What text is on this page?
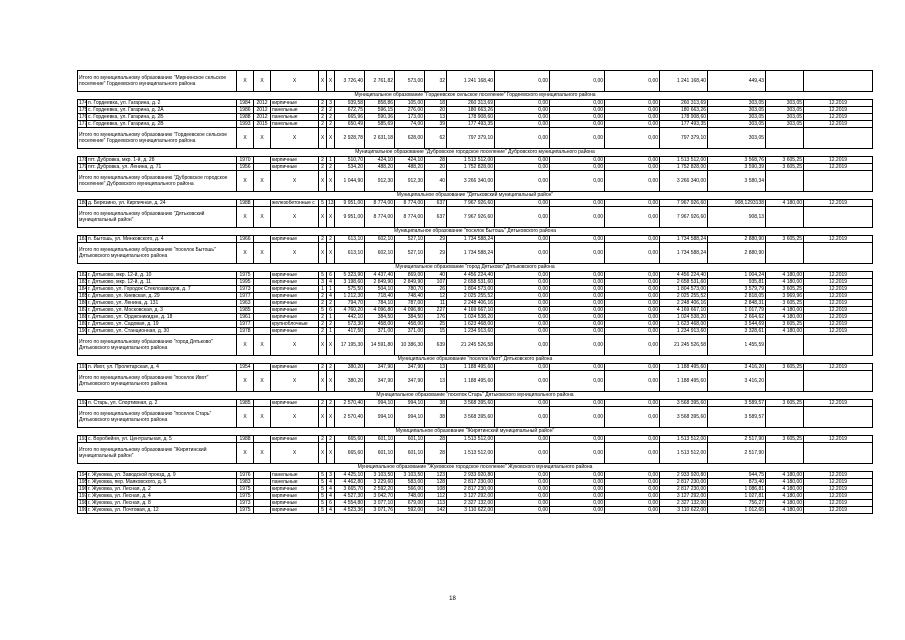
Итого по муниципальному образованию "Мирнинское сельское поселение" Гордеевского муниципального района		X	X	X	X	X	3 726,40	2 761,82	573,00	32	1 241 168,40	0,00	0,00	0,00	1 241 168,40	449,43		
Муниципальное образование "Гордеевское сельское поселение" Гордеевского муниципального района																		
174	п. Гордеевка, ул. Гагарина, д. 2	1984	2012	кирпичные	2	3	939,58	858,86	105,00	18	260 313,69	0,00	0,00	0,00	260 313,69	303,05	303,05	12.2019
175	с. Гордеевка, ул. Гагарина, д. 2А	1986	2012	панельные	2	2	672,75	596,15	276,00	20	180 663,26	0,00	0,00	0,00	180 663,26	303,05	303,05	12.2019
176	с. Гордеевка, ул. Гагарина, д. 2Б	1988	2012	панельные	2	2	665,96	590,36	173,00	13	178 908,60	0,00	0,00	0,00	178 908,60	303,05	303,05	12.2019
177	с. Гордеевка, ул. Гагарина, д. 2В	1993	2015	панельные	2	2	650,49	585,69	74,00	39	177 493,35	0,00	0,00	0,00	177 493,35	303,05	303,05	12.2019
Итого по муниципальному образованию "Гордеевское сельское поселение" Гордеевского муниципального района		X	X	X	X	X	2 928,78	2 631,18	628,00	62	797 379,10	0,00	0,00	0,00	797 379,10	303,05		
Муниципальное образование "Дубровское городское поселение" Дубровского муниципального района																		
178	пгт. Дубровка, мкр. 1-й, д. 28	1970		кирпичные	2	1	510,70	424,10	424,10	28	1 513 512,00	0,00	0,00	0,00	1 513 512,00	3 568,76	3 605,25	12.2019
179	пгт. Дубровка, ул. Ленина, д. 71	1956		кирпичные	2	2	534,20	488,20	488,20	20	1 752 828,00	0,00	0,00	0,00	1 752 828,00	3 590,39	3 605,25	12.2019
Итого по муниципальному образованию "Дубровское городское поселение" Дубровского муниципального района		X	X	X	X	X	1 044,90	912,30	912,30	40	3 266 340,00	0,00	0,00	0,00	3 266 340,00	3 580,34		
Муниципальное образование "Дятьковский муниципальный район"																		
180	д. Березино, ул. Кирпичная, д. 24	1988		железобетонные с	5	13	9 951,00	8 774,00	8 774,00	637	7 967 926,60	0,00	0,00	0,00	7 967 926,60	908,1293138	4 180,00	12.2019
Итого по муниципальному образованию "Дятьковский муниципальный район"		X	X	X	X	X	9 951,00	8 774,00	8 774,00	637	7 967 926,60	0,00	0,00	0,00	7 967 926,60	908,13		
Муниципальное образование "поселок Бытошь" Дятьковского района																		
181	п. Бытошь, ул. Минковского, д. 4	1966		кирпичные	2	2	613,10	602,10	527,10	29	1 734 588,24	0,00	0,00	0,00	1 734 588,24	2 880,90	3 605,25	12.2019
Итого по муниципальному образованию "поселок Бытошь" Дятьковского муниципального района		X	X	X	X	X	613,10	602,10	527,10	29	1 734 588,24	0,00	0,00	0,00	1 734 588,24	2 880,90		
Муниципальное образование "город Дятьково" Дятьковского района																		
182	г. Дятьково, мкр. 12-й, д. 10	1975		кирпичные	5	6	5 323,90	4 437,40	869,00	40	4 456 224,40	0,00	0,00	0,00	4 456 224,40	1 004,24	4 180,00	12.2019
183	г. Дятьково, мкр. 12-й, д. 11	1995		кирпичные	3	4	3 198,60	2 849,90	2 849,90	107	2 658 531,60	0,00	0,00	0,00	2 658 531,60	935,81	4 180,00	12.2019
184	г. Дятьково, ул. Городок Стеклозаводов, д. 7	1973		кирпичные	1	1	575,50	504,10	780,70	26	1 804 573,00	0,00	0,00	0,00	1 804 573,00	3 579,79	3 605,25	12.2019
185	г. Дятьково, ул. Киевская, д. 29	1977		кирпичные	2	4	1 212,30	718,40	748,40	12	2 025 255,52	0,00	0,00	0,00	2 025 255,52	2 818,05	3 969,96	12.2019
186	г. Дятьково, ул. Ленина, д. 131	1963		кирпичные	2	2	794,70	784,10	787,00	11	2 248 406,16	0,00	0,00	0,00	2 248 406,16	2 848,31	3 605,25	12.2019
187	г. Дятьково, ул. Московская, д. 3	1985		кирпичные	5	6	4 760,20	4 096,80	4 096,80	227	4 169 667,10	0,00	0,00	0,00	4 169 667,10	1 017,79	4 180,00	12.2019
188	г. Дятьково, ул. Орджоникидзе, д. 18	1961		кирпичные	2	1	442,10	384,50	384,50	176	1 024 538,20	0,00	0,00	0,00	1 024 538,20	2 664,62	4 180,00	12.2019
189	г. Дятьково, ул. Садовая, д. 19	1977		крупноблочные	2	2	573,30	458,00	458,00	25	1 623 468,00	0,00	0,00	0,00	1 623 468,00	3 544,69	3 605,25	12.2019
190	г. Дятьково, ул. Станционная, д. 30	1978		кирпичные	2	1	417,50	371,00	371,00	15	1 234 913,60	0,00	0,00	0,00	1 234 913,60	3 328,61	4 180,00	12.2019
Итого по муниципальному образованию "город Дятьково" Дятьковского муниципального района		X	X	X	X	X	17 195,30	14 591,80	10 386,30	639	21 245 526,58	0,00	0,00	0,00	21 245 526,58	1 455,59		
Муниципальное образование "поселок Ивот" Дятьковского района																		
191	п. Ивот, ул. Пролетарская, д. 4	1954		кирпичные	2	2	380,20	347,90	347,90	13	1 188 495,60	0,00	0,00	0,00	1 188 495,60	3 416,20	3 605,25	12.2019
Итого по муниципальному образованию "поселок Ивот" Дятьковского муниципального района		X	X	X	X	X	380,20	347,90	347,90	13	1 188 495,60	0,00	0,00	0,00	1 188 495,60	3 416,20		
Муниципальное образование "поселок Старь" Дятьковского муниципального района																		
192	п. Старь, ул. Спортивная, д. 2	1985		кирпичные	2	2	2 570,40	994,10	994,10	38	3 568 395,60	0,00	0,00	0,00	3 568 395,60	3 589,57	3 605,25	12.2019
Итого по муниципальному образованию "поселок Старь" Дятьковского муниципального района		X	X	X	X	X	2 570,40	994,10	994,10	38	3 568 395,60	0,00	0,00	0,00	3 568 395,60	3 589,57		
Муниципальное образование "Жирятинский муниципальный район"																		
193	с. Воробейня, ул. Центральная, д. 5	1988		кирпичные	2	2	665,60	601,10	601,10	28	1 513 512,00	0,00	0,00	0,00	1 513 512,00	2 517,90	3 605,25	12.2019
Итого по муниципальному образованию "Жирятинский муниципальный район"		X	X	X	X	X	665,60	601,10	601,10	28	1 513 512,00	0,00	0,00	0,00	1 513 512,00	2 517,90		
Муниципальное образование "Жуковское городское поселение" Жуковского муниципального района																		
194	г. Жуковка, ул. Заводской проезд, д. 9	1976		панельные	5	3	4 425,10	3 103,50	3 103,50	123	2 933 920,80	0,00	0,00	0,00	2 933 920,80	944,75	4 180,00	12.2019
195	г. Жуковка, пер. Маяковского, д. 5	1983		панельные	5	4	4 462,80	3 229,60	583,00	128	2 817 230,00	0,00	0,00	0,00	2 817 230,00	873,40	4 180,00	12.2019
196	г. Жуковка, ул. Лесная, д. 2	1975		кирпичные	5	4	3 665,70	2 592,20	566,00	108	2 817 230,00	0,00	0,00	0,00	2 817 230,00	1 086,81	4 180,00	12.2019
197	г. Жуковка, ул. Лесная, д. 4	1975		кирпичные	5	4	4 527,30	3 042,70	748,00	112	3 127 292,00	0,00	0,00	0,00	3 127 292,00	1 027,81	4 180,00	12.2019
198	г. Жуковка, ул. Лесная, д. 8	1973		кирпичные	5	6	4 554,80	3 077,10	679,00	113	2 327 132,00	0,00	0,00	0,00	2 327 132,00	756,27	4 180,00	12.2019
199	г. Жуковка, ул. Почтовая, д. 12	1975		кирпичные	5	4	4 523,36	3 071,76	592,00	142	3 110 622,00	0,00	0,00	0,00	3 110 622,00	1 012,65	4 180,00	12.2019
18
